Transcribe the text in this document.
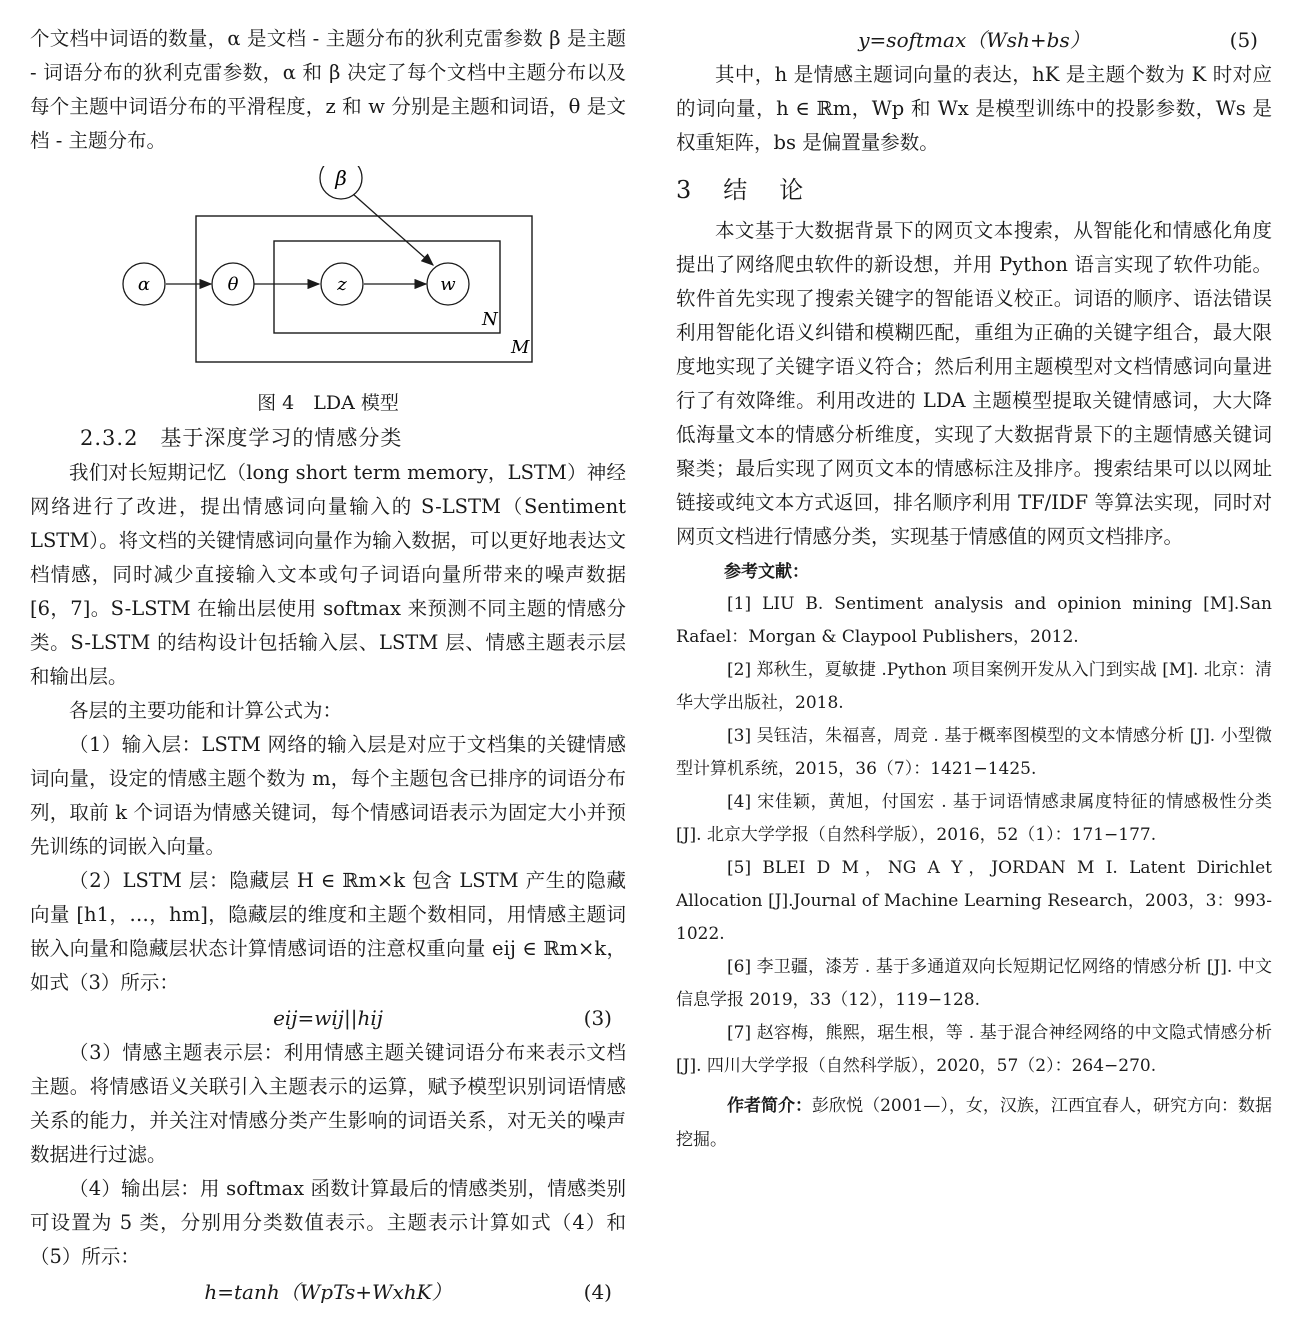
个文档中词语的数量，α 是文档 - 主题分布的狄利克雷参数 β 是主题 - 词语分布的狄利克雷参数，α 和 β 决定了每个文档中主题分布以及每个主题中词语分布的平滑程度，z 和 w 分别是主题和词语，θ 是文档 - 主题分布。

β
α	θ	z	w
N
M

图 4　LDA 模型

2.3.2　基于深度学习的情感分类

我们对长短期记忆（long short term memory，LSTM）神经网络进行了改进，提出情感词向量输入的 S-LSTM（Sentiment LSTM）。将文档的关键情感词向量作为输入数据，可以更好地表达文档情感，同时减少直接输入文本或句子词语向量所带来的噪声数据 [6，7]。S-LSTM 在输出层使用 softmax 来预测不同主题的情感分类。S-LSTM 的结构设计包括输入层、LSTM 层、情感主题表示层和输出层。

各层的主要功能和计算公式为：

（1）输入层：LSTM 网络的输入层是对应于文档集的关键情感词向量，设定的情感主题个数为 m，每个主题包含已排序的词语分布列，取前 k 个词语为情感关键词，每个情感词语表示为固定大小并预先训练的词嵌入向量。

（2）LSTM 层：隐藏层 H ∈ ℝm×k 包含 LSTM 产生的隐藏向量 [h1，…，hm]，隐藏层的维度和主题个数相同，用情感主题词嵌入向量和隐藏层状态计算情感词语的注意权重向量 eij ∈ ℝm×k，如式（3）所示：

eij=wij||hij	(3)

（3）情感主题表示层：利用情感主题关键词语分布来表示文档主题。将情感语义关联引入主题表示的运算，赋予模型识别词语情感关系的能力，并关注对情感分类产生影响的词语关系，对无关的噪声数据进行过滤。

（4）输出层：用 softmax 函数计算最后的情感类别，情感类别可设置为 5 类，分别用分类数值表示。主题表示计算如式（4）和（5）所示：

h=tanh（WpTs+WxhK）	(4)
y=softmax（Wsh+bs）	(5)

其中，h 是情感主题词向量的表达，hK 是主题个数为 K 时对应的词向量，h ∈ ℝm，Wp 和 Wx 是模型训练中的投影参数，Ws 是权重矩阵，bs 是偏置量参数。

3　结　论

本文基于大数据背景下的网页文本搜索，从智能化和情感化角度提出了网络爬虫软件的新设想，并用 Python 语言实现了软件功能。软件首先实现了搜索关键字的智能语义校正。词语的顺序、语法错误利用智能化语义纠错和模糊匹配，重组为正确的关键字组合，最大限度地实现了关键字语义符合；然后利用主题模型对文档情感词向量进行了有效降维。利用改进的 LDA 主题模型提取关键情感词，大大降低海量文本的情感分析维度，实现了大数据背景下的主题情感关键词聚类；最后实现了网页文本的情感标注及排序。搜索结果可以以网址链接或纯文本方式返回，排名顺序利用 TF/IDF 等算法实现，同时对网页文档进行情感分类，实现基于情感值的网页文档排序。

参考文献：

[1] LIU B. Sentiment analysis and opinion mining [M].San Rafael：Morgan & Claypool Publishers，2012.

[2] 郑秋生，夏敏捷 .Python 项目案例开发从入门到实战 [M]. 北京：清华大学出版社，2018.

[3] 吴钰洁，朱福喜，周竞 . 基于概率图模型的文本情感分析 [J]. 小型微型计算机系统，2015，36（7）：1421−1425.

[4] 宋佳颖，黄旭，付国宏 . 基于词语情感隶属度特征的情感极性分类 [J]. 北京大学学报（自然科学版），2016，52（1）：171−177.

[5] BLEI D M，NG A Y，JORDAN M I. Latent Dirichlet Allocation [J].Journal of Machine Learning Research，2003，3：993-1022.

[6] 李卫疆，漆芳 . 基于多通道双向长短期记忆网络的情感分析 [J]. 中文信息学报 2019，33（12），119−128.

[7] 赵容梅，熊熙，琚生根，等 . 基于混合神经网络的中文隐式情感分析 [J]. 四川大学学报（自然科学版），2020，57（2）：264−270.

作者简介：彭欣悦（2001—），女，汉族，江西宜春人，研究方向：数据挖掘。
